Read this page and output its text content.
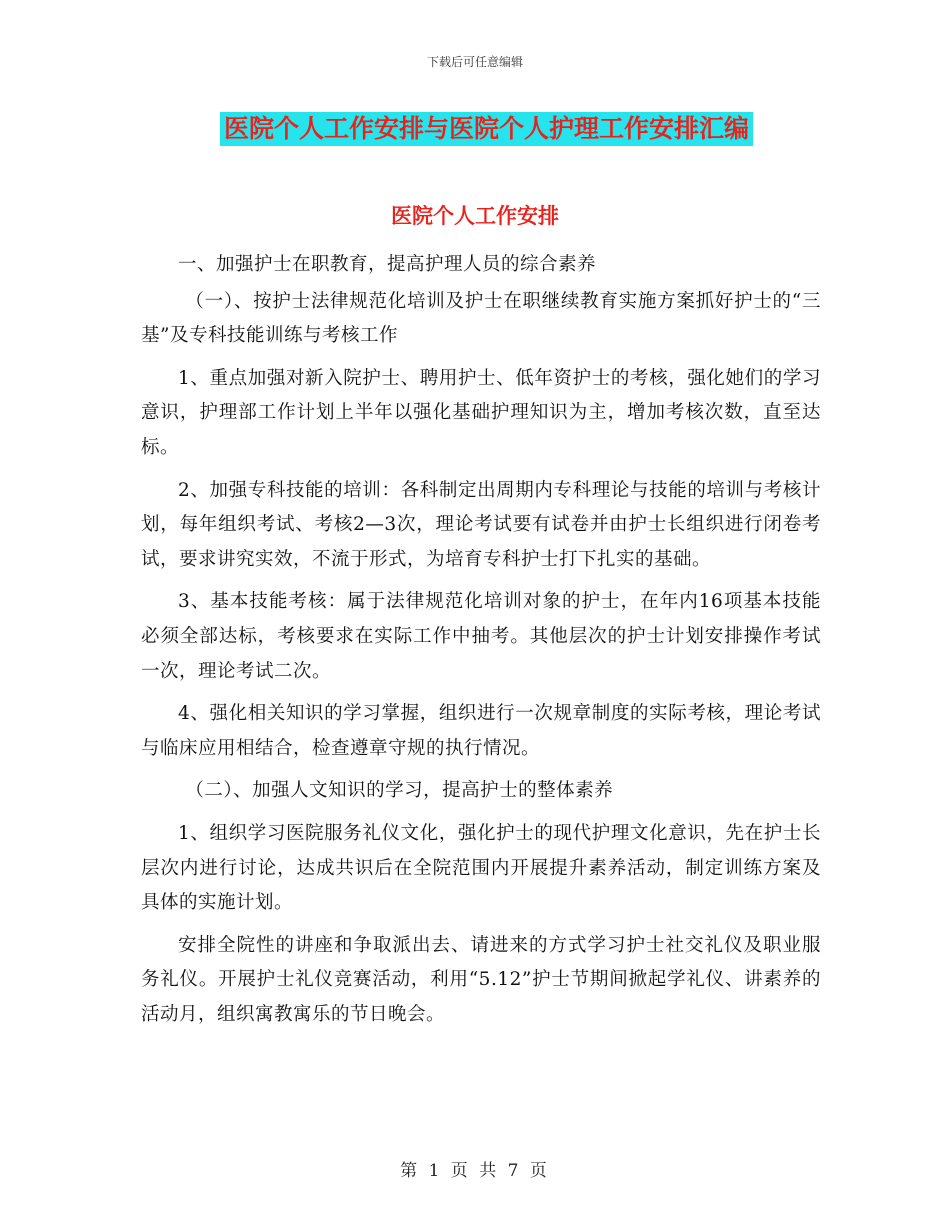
下载后可任意编辑
医院个人工作安排与医院个人护理工作安排汇编
医院个人工作安排

一、加强护士在职教育，提高护理人员的综合素养

（一）、按护士法律规范化培训及护士在职继续教育实施方案抓好护士的“三基”及专科技能训练与考核工作

1、重点加强对新入院护士、聘用护士、低年资护士的考核，强化她们的学习意识，护理部工作计划上半年以强化基础护理知识为主，增加考核次数，直至达标。

2、加强专科技能的培训：各科制定出周期内专科理论与技能的培训与考核计划，每年组织考试、考核2—3次，理论考试要有试卷并由护士长组织进行闭卷考试，要求讲究实效，不流于形式，为培育专科护士打下扎实的基础。

3、基本技能考核：属于法律规范化培训对象的护士，在年内16项基本技能必须全部达标，考核要求在实际工作中抽考。其他层次的护士计划安排操作考试一次，理论考试二次。

4、强化相关知识的学习掌握，组织进行一次规章制度的实际考核，理论考试与临床应用相结合，检查遵章守规的执行情况。

（二）、加强人文知识的学习，提高护士的整体素养

1、组织学习医院服务礼仪文化，强化护士的现代护理文化意识，先在护士长层次内进行讨论，达成共识后在全院范围内开展提升素养活动，制定训练方案及具体的实施计划。

安排全院性的讲座和争取派出去、请进来的方式学习护士社交礼仪及职业服务礼仪。开展护士礼仪竞赛活动，利用“5.12”护士节期间掀起学礼仪、讲素养的活动月，组织寓教寓乐的节日晚会。

第 1 页 共 7 页
